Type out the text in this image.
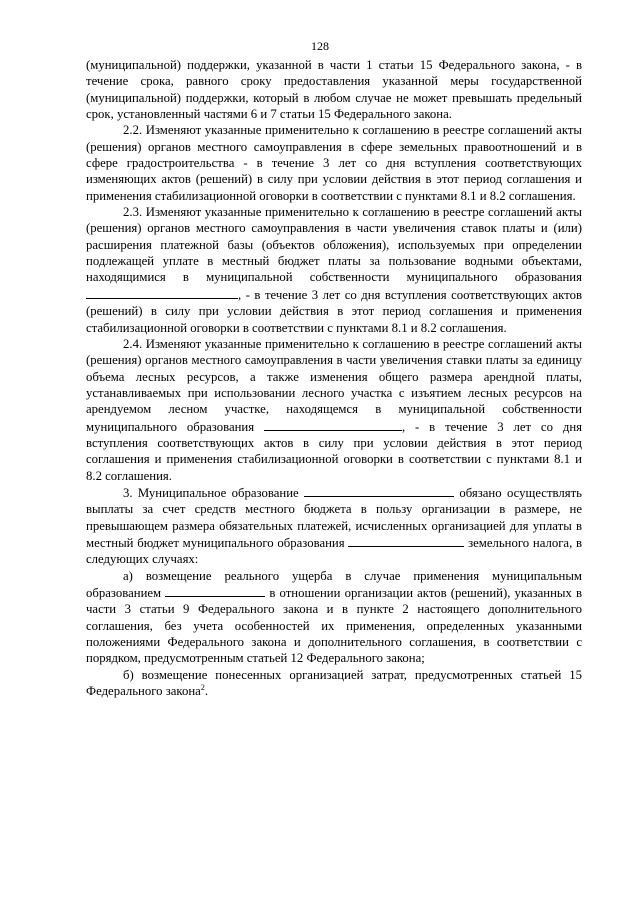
128

(муниципальной) поддержки, указанной в части 1 статьи 15 Федерального закона, - в течение срока, равного сроку предоставления указанной меры государственной (муниципальной) поддержки, который в любом случае не может превышать предельный срок, установленный частями 6 и 7 статьи 15 Федерального закона.

2.2. Изменяют указанные применительно к соглашению в реестре соглашений акты (решения) органов местного самоуправления в сфере земельных правоотношений и в сфере градостроительства - в течение 3 лет со дня вступления соответствующих изменяющих актов (решений) в силу при условии действия в этот период соглашения и применения стабилизационной оговорки в соответствии с пунктами 8.1 и 8.2 соглашения.

2.3. Изменяют указанные применительно к соглашению в реестре соглашений акты (решения) органов местного самоуправления в части увеличения ставок платы и (или) расширения платежной базы (объектов обложения), используемых при определении подлежащей уплате в местный бюджет платы за пользование водными объектами, находящимися в муниципальной собственности муниципального образования , - в течение 3 лет со дня вступления соответствующих актов (решений) в силу при условии действия в этот период соглашения и применения стабилизационной оговорки в соответствии с пунктами 8.1 и 8.2 соглашения.

2.4. Изменяют указанные применительно к соглашению в реестре соглашений акты (решения) органов местного самоуправления в части увеличения ставки платы за единицу объема лесных ресурсов, а также изменения общего размера арендной платы, устанавливаемых при использовании лесного участка с изъятием лесных ресурсов на арендуемом лесном участке, находящемся в муниципальной собственности муниципального образования	, - в течение 3 лет со дня вступления соответствующих актов в силу при условии действия в этот период соглашения и применения стабилизационной оговорки в соответствии с пунктами 8.1 и 8.2 соглашения.

3. Муниципальное образование	обязано осуществлять выплаты за счет средств местного бюджета в пользу организации в размере, не превышающем размера обязательных платежей, исчисленных организацией для уплаты в местный бюджет муниципального образования	земельного налога, в следующих случаях:

а) возмещение реального ущерба в случае применения муниципальным образованием	в отношении организации актов (решений), указанных в части 3 статьи 9 Федерального закона и в пункте 2 настоящего дополнительного соглашения, без учета особенностей их применения, определенных указанными положениями Федерального закона и дополнительного соглашения, в соответствии с порядком, предусмотренным статьей 12 Федерального закона;

б) возмещение понесенных организацией затрат, предусмотренных статьей 15 Федерального закона$^2$.
